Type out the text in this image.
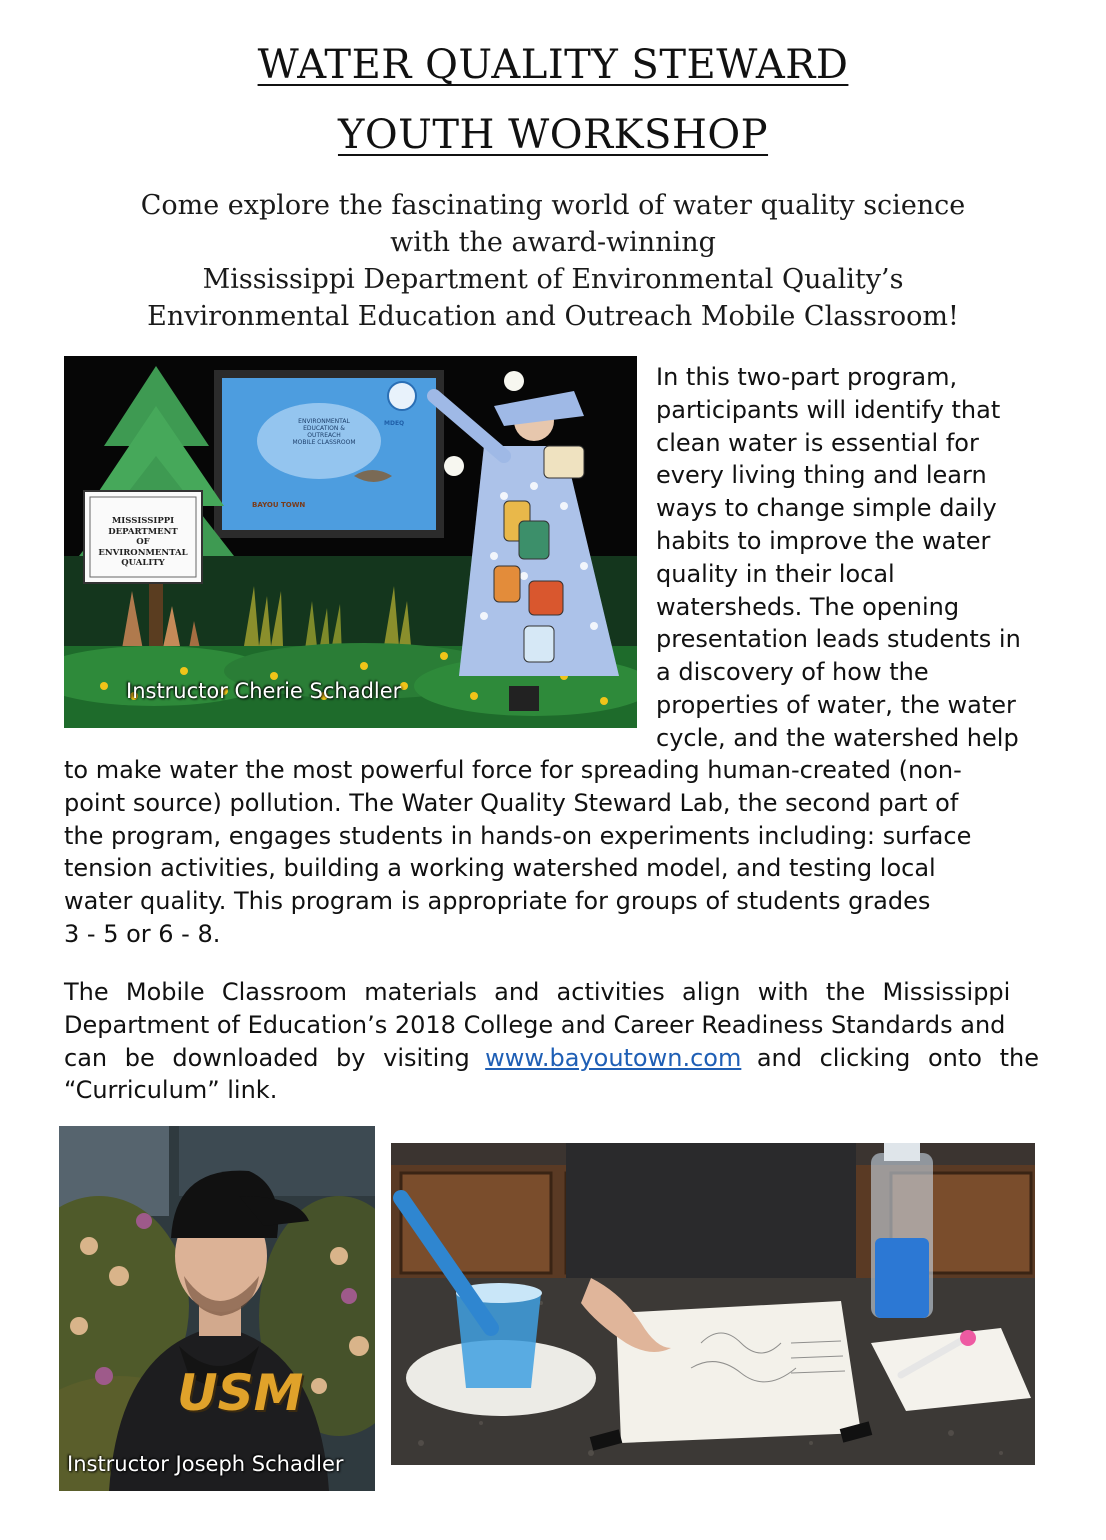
WATER QUALITY STEWARD
YOUTH WORKSHOP
Come explore the fascinating world of water quality science
with the award-winning
Mississippi Department of Environmental Quality’s
Environmental Education and Outreach Mobile Classroom!
MISSISSIPPI
DEPARTMENT
OF
ENVIRONMENTAL
QUALITY
ENVIRONMENTAL
EDUCATION &
OUTREACH
MOBILE CLASSROOM
BAYOU TOWN
MDEQ
Instructor Cherie Schadler
In this two-part program,
participants will identify that
clean water is essential for
every living thing and learn
ways to change simple daily
habits to improve the water
quality in their local
watersheds. The opening
presentation leads students in
a discovery of how the
properties of water, the water
cycle, and the watershed help
to make water the most powerful force for spreading human-created (non-
point source) pollution. The Water Quality Steward Lab, the second part of
the program, engages students in hands-on experiments including: surface
tension activities, building a working watershed model, and testing local
water quality. This program is appropriate for groups of students grades
3 - 5 or 6 - 8.
The Mobile Classroom materials and activities align with the Mississippi
Department of Education’s 2018 College and Career Readiness Standards and
can be downloaded by visiting www.bayoutown.com and clicking onto the
“Curriculum” link.
USM
Instructor Joseph Schadler
